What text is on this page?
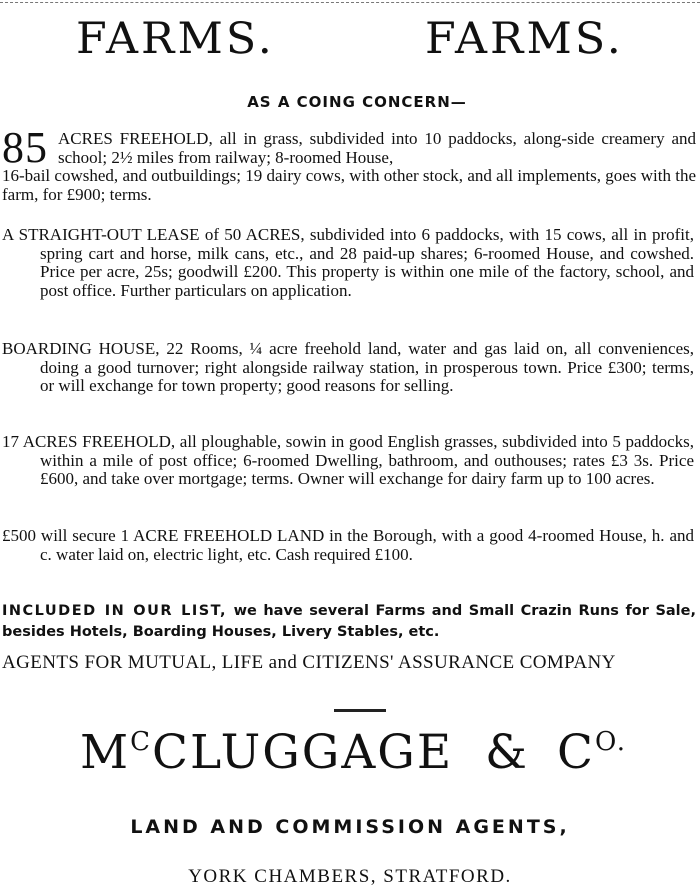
FARMS.	FARMS.
AS A COING CONCERN—
85 ACRES FREEHOLD, all in grass, subdivided into 10 paddocks, along-side creamery and school; 2½ miles from railway; 8-roomed House,

16-bail cowshed, and outbuildings; 19 dairy cows, with other stock, and all implements, goes with the farm, for £900; terms.

A STRAIGHT-OUT LEASE of 50 ACRES, subdivided into 6 paddocks, with 15 cows, all in profit, spring cart and horse, milk cans, etc., and 28 paid-up shares; 6-roomed House, and cowshed. Price per acre, 25s; goodwill £200. This property is within one mile of the factory, school, and post office. Further particulars on application.

BOARDING HOUSE, 22 Rooms, ¼ acre freehold land, water and gas laid on, all conveniences, doing a good turnover; right alongside railway station, in prosperous town. Price £300; terms, or will exchange for town property; good reasons for selling.

17 ACRES FREEHOLD, all ploughable, sowin in good English grasses, subdivided into 5 paddocks, within a mile of post office; 6-roomed Dwelling, bathroom, and outhouses; rates £3 3s. Price £600, and take over mortgage; terms. Owner will exchange for dairy farm up to 100 acres.

£500 will secure 1 ACRE FREEHOLD LAND in the Borough, with a good 4-roomed House, h. and c. water laid on, electric light, etc. Cash required £100.

INCLUDED IN OUR LIST, we have several Farms and Small Crazin Runs for Sale, besides Hotels, Boarding Houses, Livery Stables, etc.
AGENTS FOR MUTUAL, LIFE and CITIZENS' ASSURANCE COMPANY
$M^CCLUGGAGE$ & $C^{O.}$
LAND AND COMMISSION AGENTS,
YORK CHAMBERS, STRATFORD.
